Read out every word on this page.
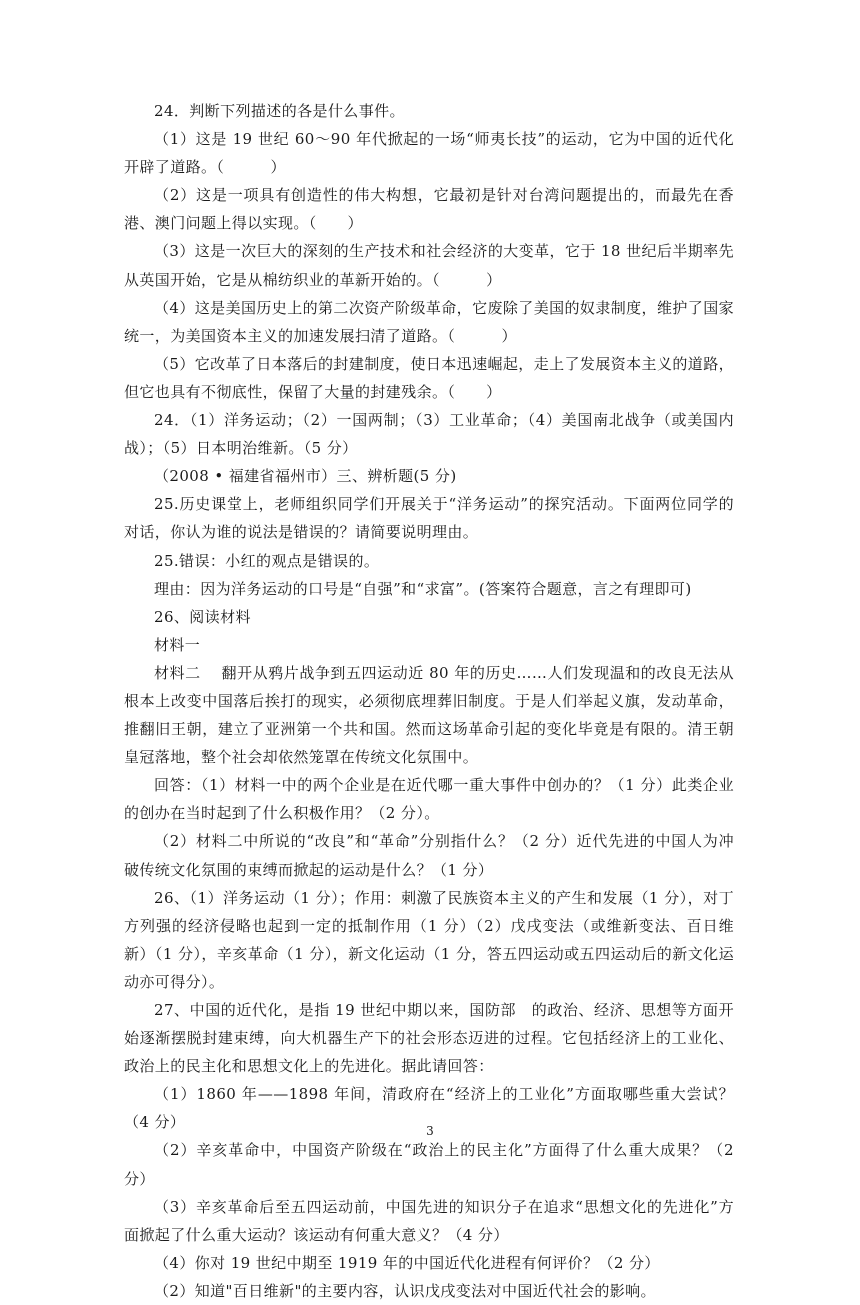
24．判断下列描述的各是什么事件。

（1）这是 19 世纪 60～90 年代掀起的一场“师夷长技”的运动，它为中国的近代化开辟了道路。（　　　）

（2）这是一项具有创造性的伟大构想，它最初是针对台湾问题提出的，而最先在香港、澳门问题上得以实现。（　　）

（3）这是一次巨大的深刻的生产技术和社会经济的大变革，它于 18 世纪后半期率先从英国开始，它是从棉纺织业的革新开始的。（　　　）

（4）这是美国历史上的第二次资产阶级革命，它废除了美国的奴隶制度，维护了国家统一，为美国资本主义的加速发展扫清了道路。（　　　）

（5）它改革了日本落后的封建制度，使日本迅速崛起，走上了发展资本主义的道路，但它也具有不彻底性，保留了大量的封建残余。（　　）

24．（1）洋务运动；（2）一国两制；（3）工业革命；（4）美国南北战争（或美国内战）；（5）日本明治维新。（5 分）

（2008 • 福建省福州市）三、辨析题(5 分)

25.历史课堂上，老师组织同学们开展关于“洋务运动”的探究活动。下面两位同学的对话，你认为谁的说法是错误的？请简要说明理由。

25.错误：小红的观点是错误的。

理由：因为洋务运动的口号是“自强”和“求富”。(答案符合题意，言之有理即可)

26、阅读材料

材料一

材料二　 翻开从鸦片战争到五四运动近 80 年的历史……人们发现温和的改良无法从根本上改变中国落后挨打的现实，必须彻底埋葬旧制度。于是人们举起义旗，发动革命，推翻旧王朝，建立了亚洲第一个共和国。然而这场革命引起的变化毕竟是有限的。清王朝皇冠落地，整个社会却依然笼罩在传统文化氛围中。

回答：（1）材料一中的两个企业是在近代哪一重大事件中创办的？（1 分）此类企业的创办在当时起到了什么积极作用？（2 分）。

（2）材料二中所说的“改良”和“革命”分别指什么？（2 分）近代先进的中国人为冲破传统文化氛围的束缚而掀起的运动是什么？（1 分）

26、（1）洋务运动（1 分）；作用：刺激了民族资本主义的产生和发展（1 分），对丁方列强的经济侵略也起到一定的抵制作用（1 分）（2）戊戌变法（或维新变法、百日维新）（1 分），辛亥革命（1 分），新文化运动（1 分，答五四运动或五四运动后的新文化运动亦可得分）。

27、中国的近代化，是指 19 世纪中期以来，国防部　的政治、经济、思想等方面开始逐渐摆脱封建束缚，向大机器生产下的社会形态迈进的过程。它包括经济上的工业化、政治上的民主化和思想文化上的先进化。据此请回答：

（1）1860 年——1898 年间，清政府在“经济上的工业化”方面取哪些重大尝试？（4 分）

（2）辛亥革命中，中国资产阶级在“政治上的民主化”方面得了什么重大成果？（2 分）

（3）辛亥革命后至五四运动前，中国先进的知识分子在追求“思想文化的先进化”方面掀起了什么重大运动？该运动有何重大意义？（4 分）

（4）你对 19 世纪中期至 1919 年的中国近代化进程有何评价？（2 分）

（2）知道"百日维新"的主要内容，认识戊戌变法对中国近代社会的影响。

3
